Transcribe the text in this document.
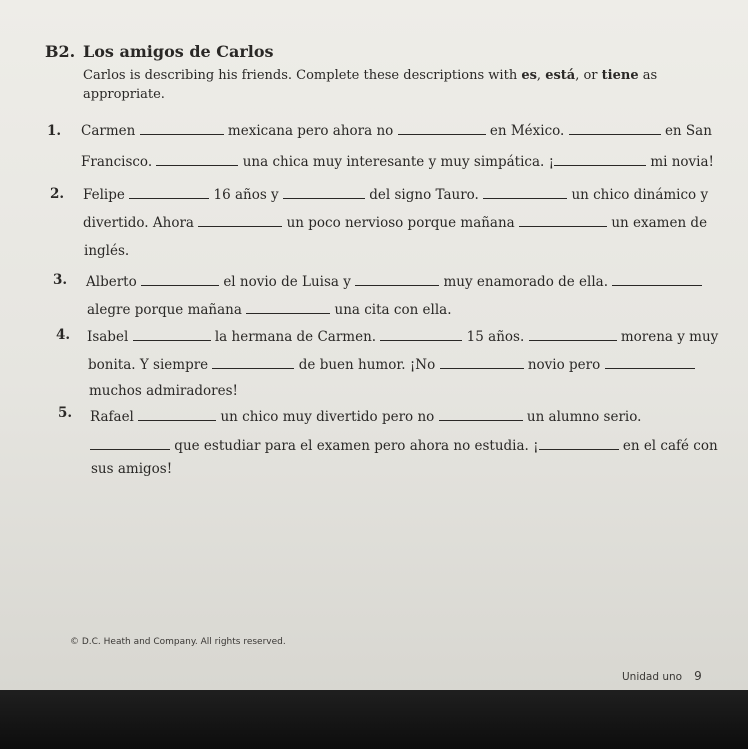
B2. Los amigos de Carlos
Carlos is describing his friends. Complete these descriptions with es, está, or tiene as
appropriate.
1. Carmen	mexicana pero ahora no	en México.	en San
Francisco.	una chica muy interesante y muy simpática. ¡	mi novia!
2. Felipe	16 años y	del signo Tauro.	un chico dinámico y
divertido. Ahora	un poco nervioso porque mañana	un examen de
inglés.
3. Alberto	el novio de Luisa y	muy enamorado de ella.
alegre porque mañana	una cita con ella.
4. Isabel	la hermana de Carmen.	15 años.	morena y muy
bonita. Y siempre	de buen humor. ¡No	novio pero
muchos admiradores!
5. Rafael	un chico muy divertido pero no	un alumno serio.
que estudiar para el examen pero ahora no estudia. ¡	en el café con
sus amigos!
© D.C. Heath and Company. All rights reserved.
Unidad uno 9
